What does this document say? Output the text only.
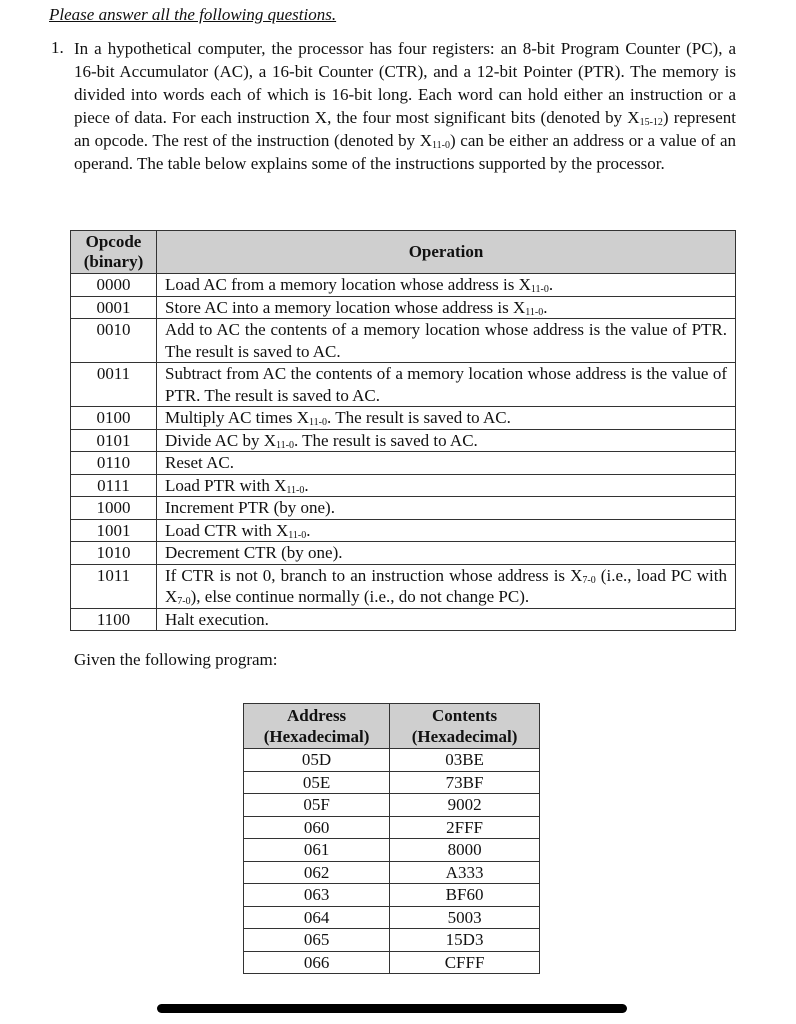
Please answer all the following questions.
1. In a hypothetical computer, the processor has four registers: an 8-bit Program Counter (PC), a 16-bit Accumulator (AC), a 16-bit Counter (CTR), and a 12-bit Pointer (PTR). The memory is divided into words each of which is 16-bit long. Each word can hold either an instruction or a piece of data. For each instruction X, the four most significant bits (denoted by $X_{15-12}$) represent an opcode. The rest of the instruction (denoted by $X_{11-0}$) can be either an address or a value of an operand. The table below explains some of the instructions supported by the processor.

Opcode (binary)	Operation
0000	Load AC from a memory location whose address is $X_{11-0}$.
0001	Store AC into a memory location whose address is $X_{11-0}$.
0010	Add to AC the contents of a memory location whose address is the value of PTR. The result is saved to AC.
0011	Subtract from AC the contents of a memory location whose address is the value of PTR. The result is saved to AC.
0100	Multiply AC times $X_{11-0}$. The result is saved to AC.
0101	Divide AC by $X_{11-0}$. The result is saved to AC.
0110	Reset AC.
0111	Load PTR with $X_{11-0}$.
1000	Increment PTR (by one).
1001	Load CTR with $X_{11-0}$.
1010	Decrement CTR (by one).
1011	If CTR is not 0, branch to an instruction whose address is $X_{7-0}$ (i.e., load PC with $X_{7-0}$), else continue normally (i.e., do not change PC).
1100	Halt execution.

Given the following program:

Address (Hexadecimal)	Contents (Hexadecimal)
05D	03BE
05E	73BF
05F	9002
060	2FFF
061	8000
062	A333
063	BF60
064	5003
065	15D3
066	CFFF
